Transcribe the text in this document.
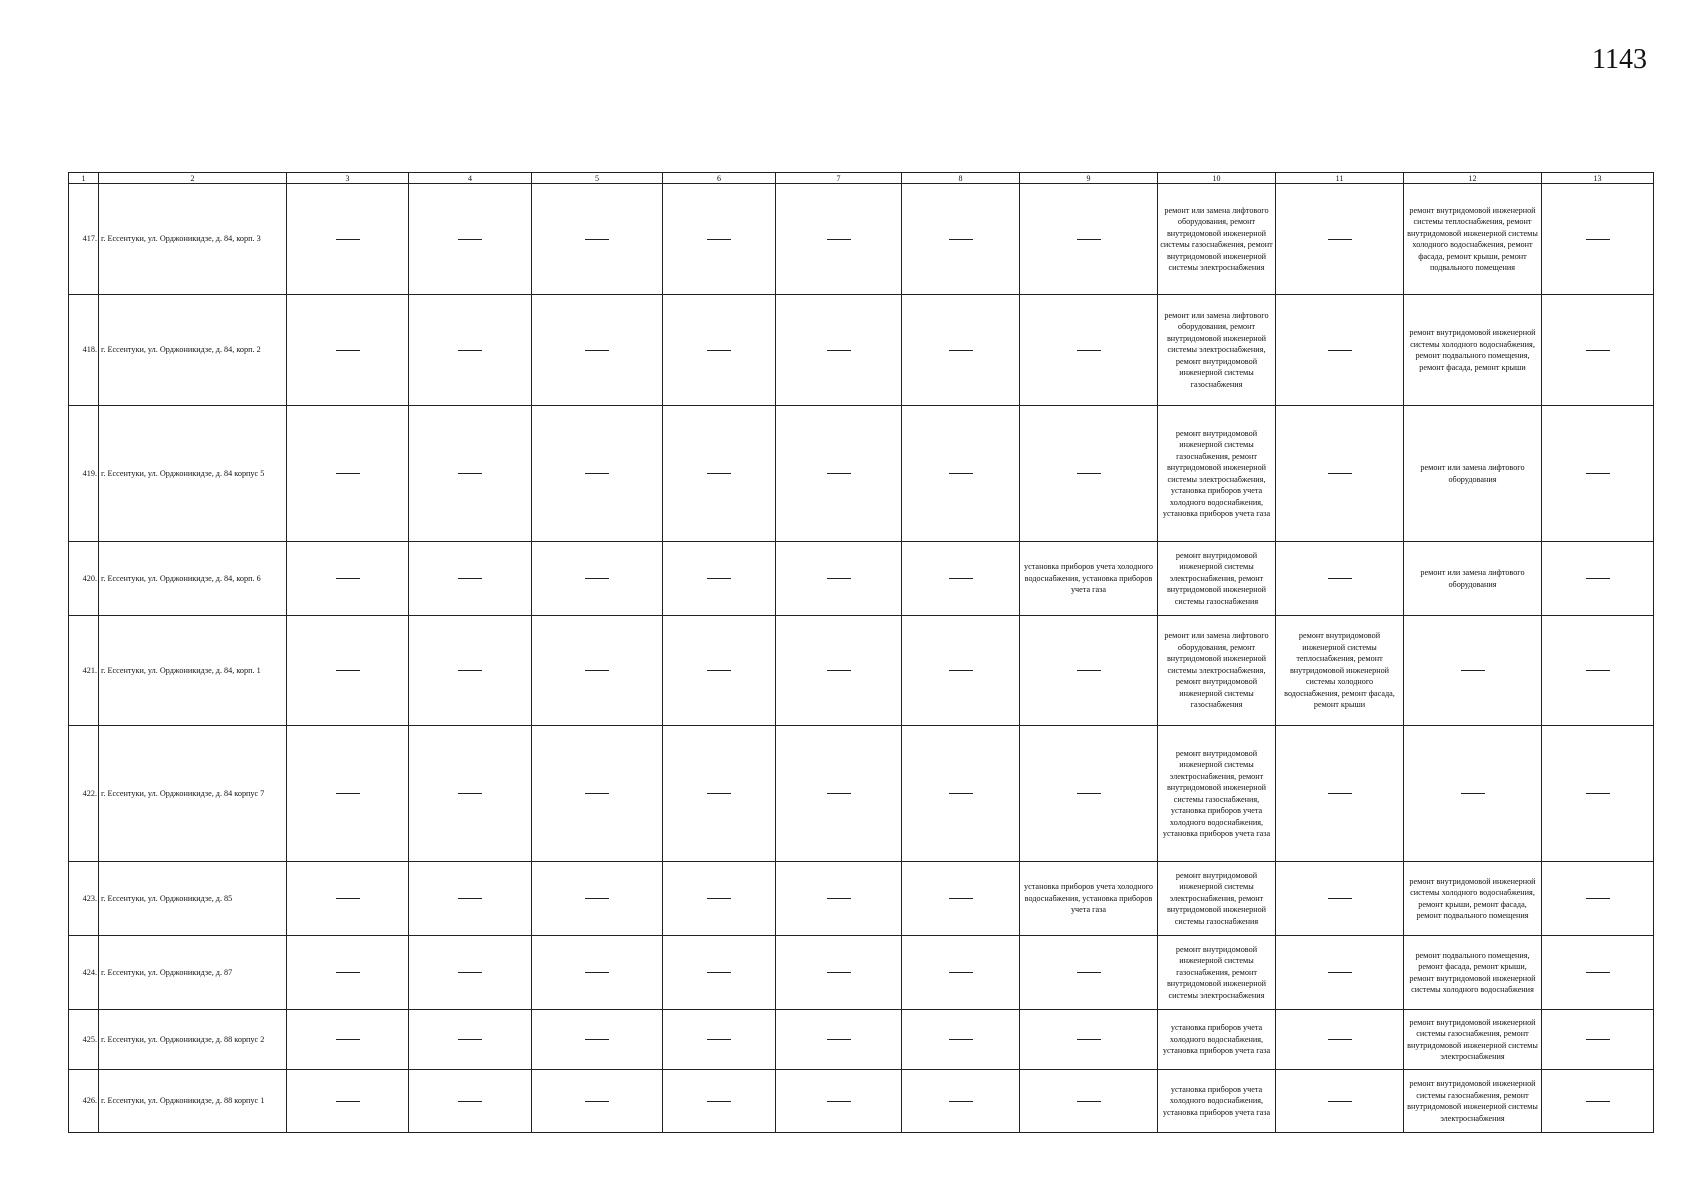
1143
1	2	3	4	5	6	7	8	9	10	11	12	13
417.	г. Ессентуки, ул. Орджоникидзе, д. 84, корп. 3								ремонт или замена лифтового оборудования, ремонт внутридомовой инженерной системы газоснабжения, ремонт внутридомовой инженерной системы электроснабжения		ремонт внутридомовой инженерной системы теплоснабжения, ремонт внутридомовой инженерной системы холодного водоснабжения, ремонт фасада, ремонт крыши, ремонт подвального помещения	
418.	г. Ессентуки, ул. Орджоникидзе, д. 84, корп. 2								ремонт или замена лифтового оборудования, ремонт внутридомовой инженерной системы электроснабжения, ремонт внутридомовой инженерной системы газоснабжения		ремонт внутридомовой инженерной системы холодного водоснабжения, ремонт подвального помещения, ремонт фасада, ремонт крыши	
419.	г. Ессентуки, ул. Орджоникидзе, д. 84 корпус 5								ремонт внутридомовой инженерной системы газоснабжения, ремонт внутридомовой инженерной системы электроснабжения, установка приборов учета холодного водоснабжения, установка приборов учета газа		ремонт или замена лифтового оборудования	
420.	г. Ессентуки, ул. Орджоникидзе, д. 84, корп. 6							установка приборов учета холодного водоснабжения, установка приборов учета газа	ремонт внутридомовой инженерной системы электроснабжения, ремонт внутридомовой инженерной системы газоснабжения		ремонт или замена лифтового оборудования	
421.	г. Ессентуки, ул. Орджоникидзе, д. 84, корп. 1								ремонт или замена лифтового оборудования, ремонт внутридомовой инженерной системы электроснабжения, ремонт внутридомовой инженерной системы газоснабжения	ремонт внутридомовой инженерной системы теплоснабжения, ремонт внутридомовой инженерной системы холодного водоснабжения, ремонт фасада, ремонт крыши		
422.	г. Ессентуки, ул. Орджоникидзе, д. 84 корпус 7								ремонт внутридомовой инженерной системы электроснабжения, ремонт внутридомовой инженерной системы газоснабжения, установка приборов учета холодного водоснабжения, установка приборов учета газа			
423.	г. Ессентуки, ул. Орджоникидзе, д. 85							установка приборов учета холодного водоснабжения, установка приборов учета газа	ремонт внутридомовой инженерной системы электроснабжения, ремонт внутридомовой инженерной системы газоснабжения		ремонт внутридомовой инженерной системы холодного водоснабжения, ремонт крыши, ремонт фасада, ремонт подвального помещения	
424.	г. Ессентуки, ул. Орджоникидзе, д. 87								ремонт внутридомовой инженерной системы газоснабжения, ремонт внутридомовой инженерной системы электроснабжения		ремонт подвального помещения, ремонт фасада, ремонт крыши, ремонт внутридомовой инженерной системы холодного водоснабжения	
425.	г. Ессентуки, ул. Орджоникидзе, д. 88 корпус 2								установка приборов учета холодного водоснабжения, установка приборов учета газа		ремонт внутридомовой инженерной системы газоснабжения, ремонт внутридомовой инженерной системы электроснабжения	
426.	г. Ессентуки, ул. Орджоникидзе, д. 88 корпус 1								установка приборов учета холодного водоснабжения, установка приборов учета газа		ремонт внутридомовой инженерной системы газоснабжения, ремонт внутридомовой инженерной системы электроснабжения	
